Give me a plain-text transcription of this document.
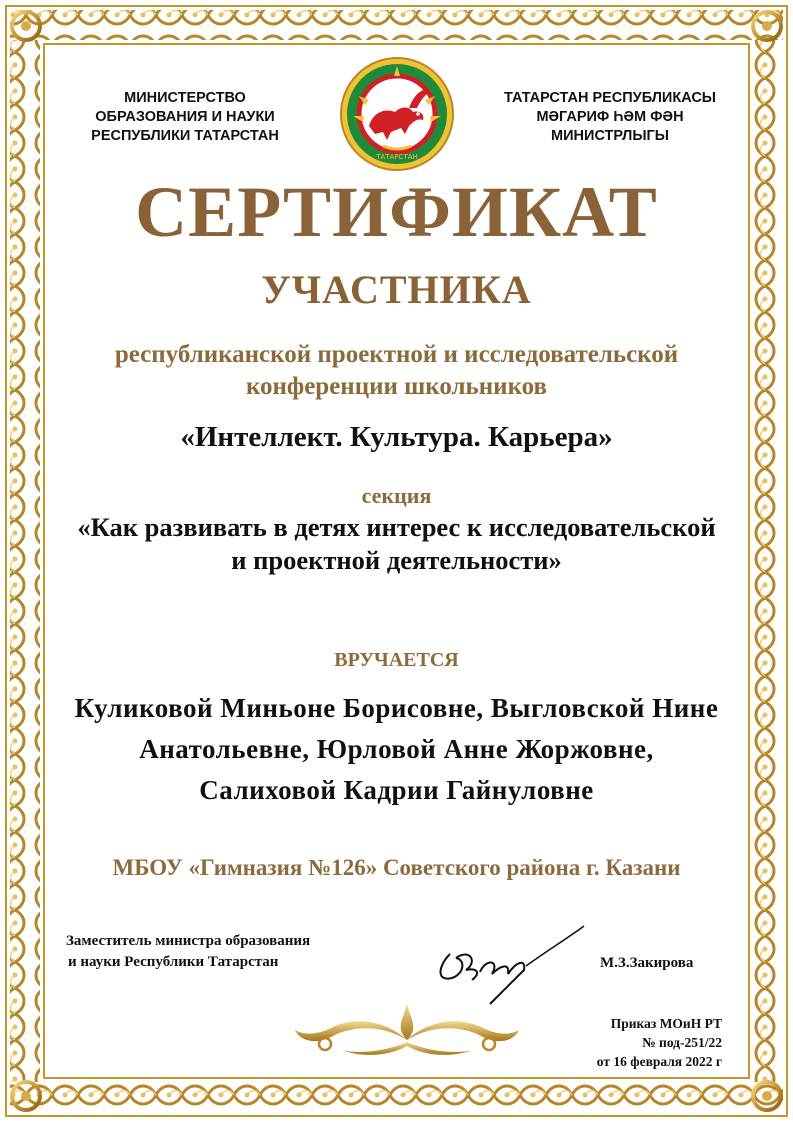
МИНИСТЕРСТВО
ОБРАЗОВАНИЯ И НАУКИ
РЕСПУБЛИКИ ТАТАРСТАН
ТАТАРСТАН
ТАТАРСТАН РЕСПУБЛИКАСЫ
МӘГАРИФ ҺӘМ ФӘН
МИНИСТРЛЫГЫ
СЕРТИФИКАТ
УЧАСТНИКА
республиканской проектной и исследовательской
конференции школьников
«Интеллект. Культура. Карьера»
секция
«Как развивать в детях интерес к исследовательской
и проектной деятельности»
ВРУЧАЕТСЯ
Куликовой Миньоне Борисовне, Выгловской Нине
Анатольевне, Юрловой Анне Жоржовне,
Салиховой Кадрии Гайнуловне
МБОУ «Гимназия №126» Советского района г. Казани
Заместитель министра образования
и науки Республики Татарстан	М.З.Закирова
Приказ МОиН РТ
№ под-251/22
от 16 февраля 2022 г
